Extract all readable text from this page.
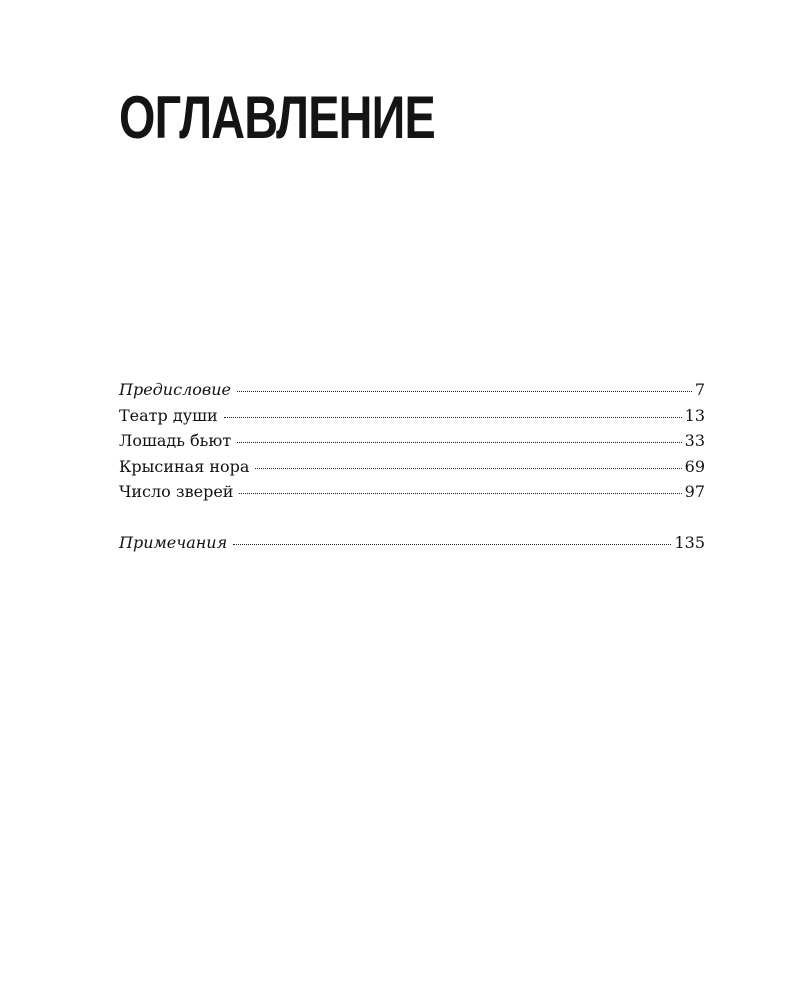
ОГЛАВЛЕНИЕ
Предисловие	7
Театр души	13
Лошадь бьют	33
Крысиная нора	69
Число зверей	97
Примечания	135
